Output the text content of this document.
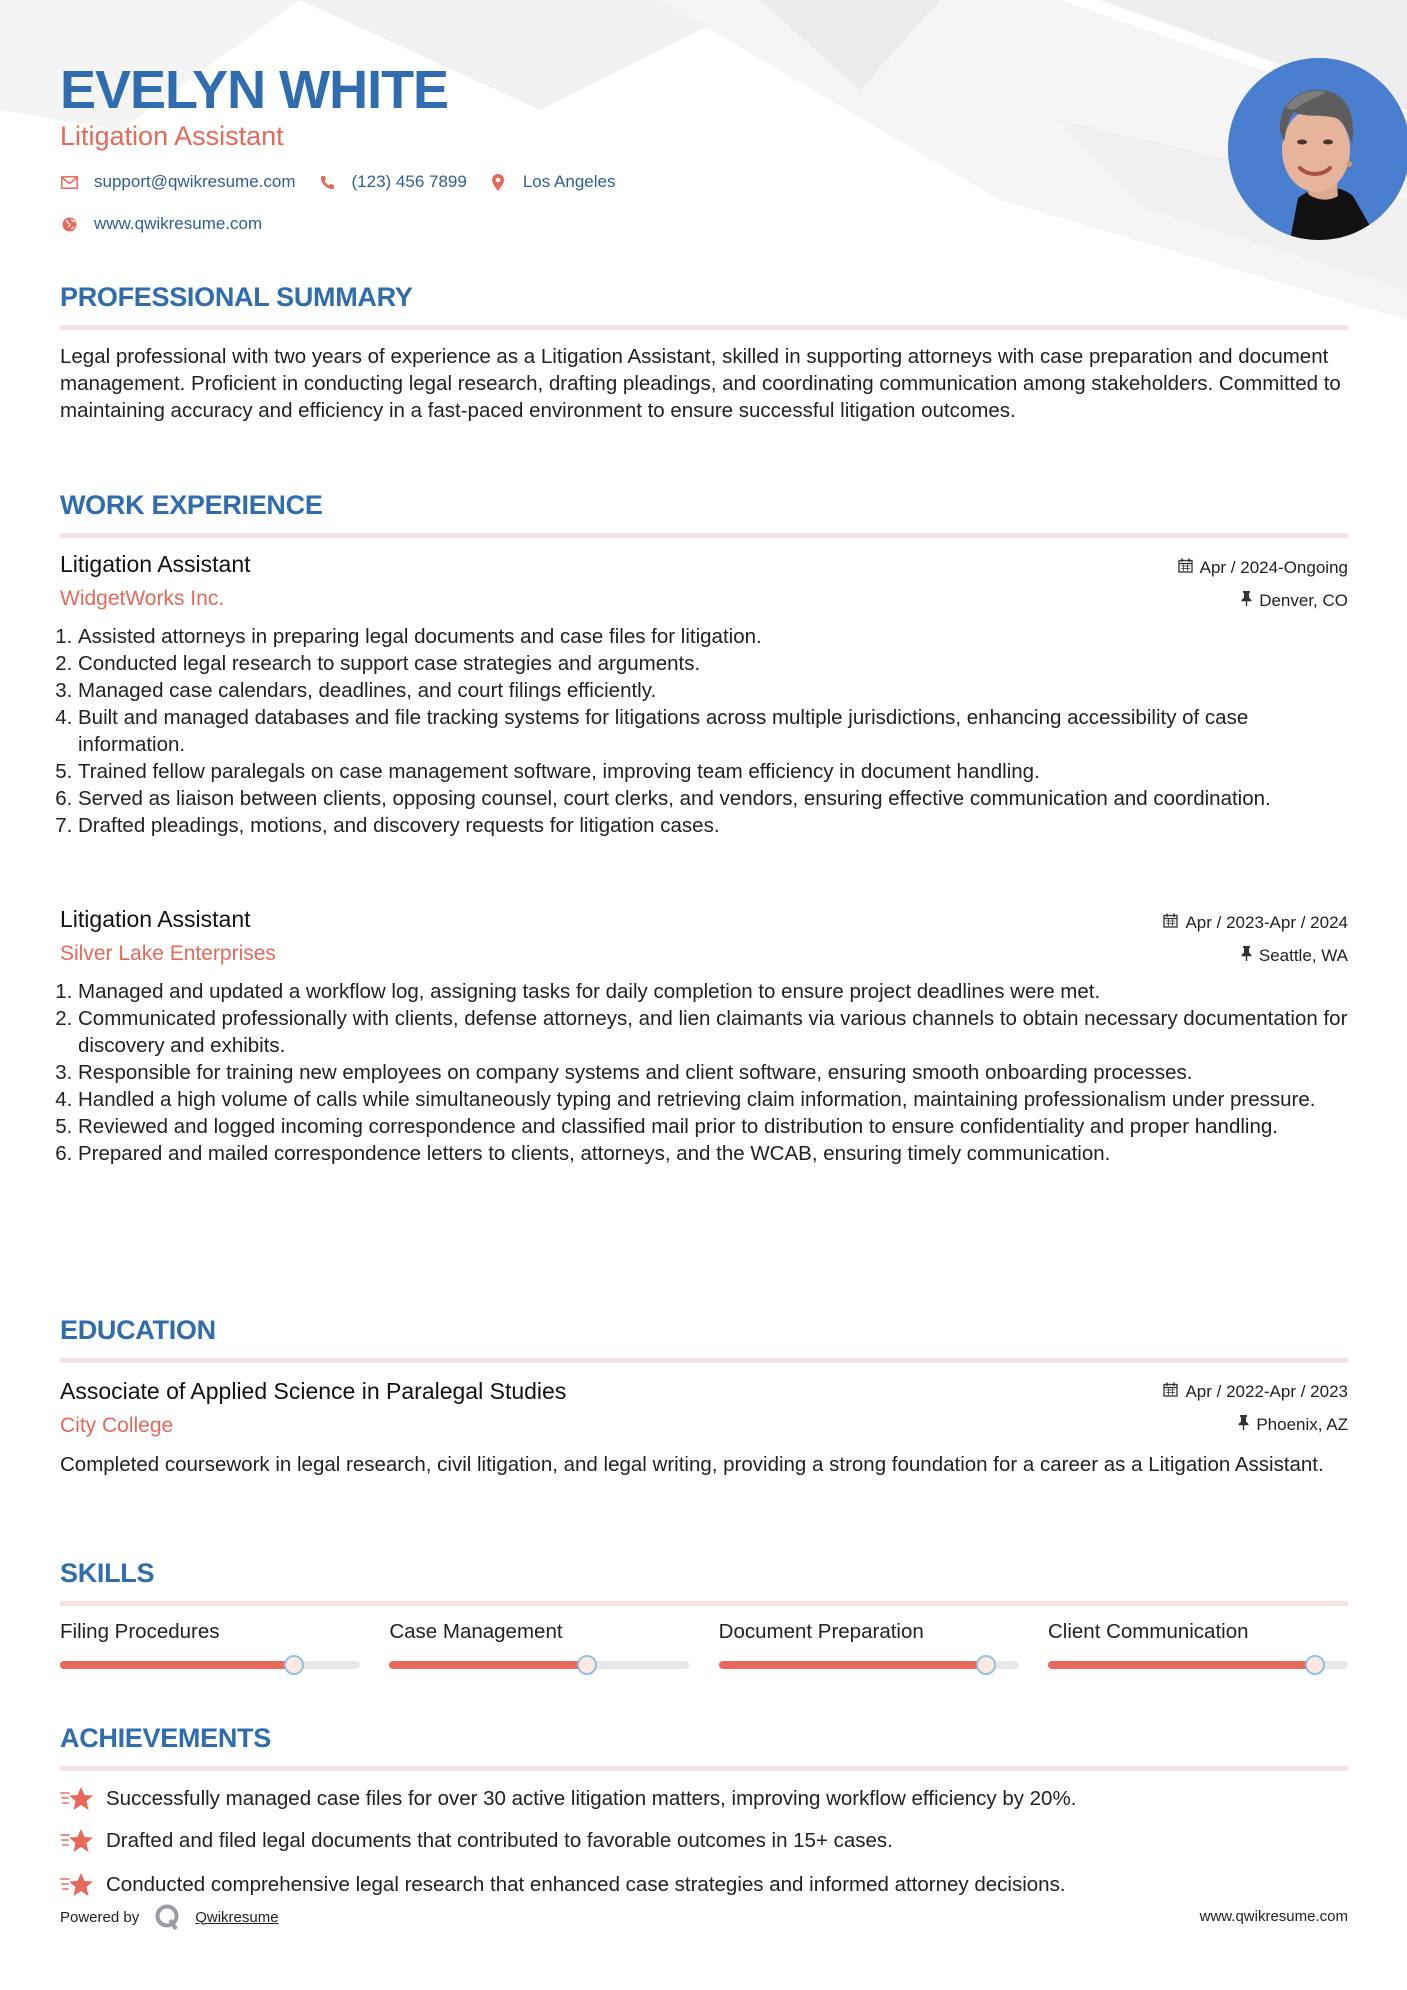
EVELYN WHITE
Litigation Assistant
support@qwikresume.com	(123) 456 7899	Los Angeles
www.qwikresume.com
PROFESSIONAL SUMMARY

Legal professional with two years of experience as a Litigation Assistant, skilled in supporting attorneys with case preparation and document management. Proficient in conducting legal research, drafting pleadings, and coordinating communication among stakeholders. Committed to maintaining accuracy and efficiency in a fast-paced environment to ensure successful litigation outcomes.

WORK EXPERIENCE
Litigation Assistant
WidgetWorks Inc.
Apr / 2024-Ongoing
Denver, CO
1. Assisted attorneys in preparing legal documents and case files for litigation.
2. Conducted legal research to support case strategies and arguments.
3. Managed case calendars, deadlines, and court filings efficiently.
4. Built and managed databases and file tracking systems for litigations across multiple jurisdictions, enhancing accessibility of case information.
5. Trained fellow paralegals on case management software, improving team efficiency in document handling.
6. Served as liaison between clients, opposing counsel, court clerks, and vendors, ensuring effective communication and coordination.
7. Drafted pleadings, motions, and discovery requests for litigation cases.
Litigation Assistant
Silver Lake Enterprises
Apr / 2023-Apr / 2024
Seattle, WA
1. Managed and updated a workflow log, assigning tasks for daily completion to ensure project deadlines were met.
2. Communicated professionally with clients, defense attorneys, and lien claimants via various channels to obtain necessary documentation for discovery and exhibits.
3. Responsible for training new employees on company systems and client software, ensuring smooth onboarding processes.
4. Handled a high volume of calls while simultaneously typing and retrieving claim information, maintaining professionalism under pressure.
5. Reviewed and logged incoming correspondence and classified mail prior to distribution to ensure confidentiality and proper handling.
6. Prepared and mailed correspondence letters to clients, attorneys, and the WCAB, ensuring timely communication.
EDUCATION
Associate of Applied Science in Paralegal Studies
City College
Apr / 2022-Apr / 2023
Phoenix, AZ

Completed coursework in legal research, civil litigation, and legal writing, providing a strong foundation for a career as a Litigation Assistant.

SKILLS
Filing Procedures	Case Management	Document Preparation	Client Communication
ACHIEVEMENTS
Successfully managed case files for over 30 active litigation matters, improving workflow efficiency by 20%.
Drafted and filed legal documents that contributed to favorable outcomes in 15+ cases.
Conducted comprehensive legal research that enhanced case strategies and informed attorney decisions.
Powered by	Qwikresume	www.qwikresume.com
